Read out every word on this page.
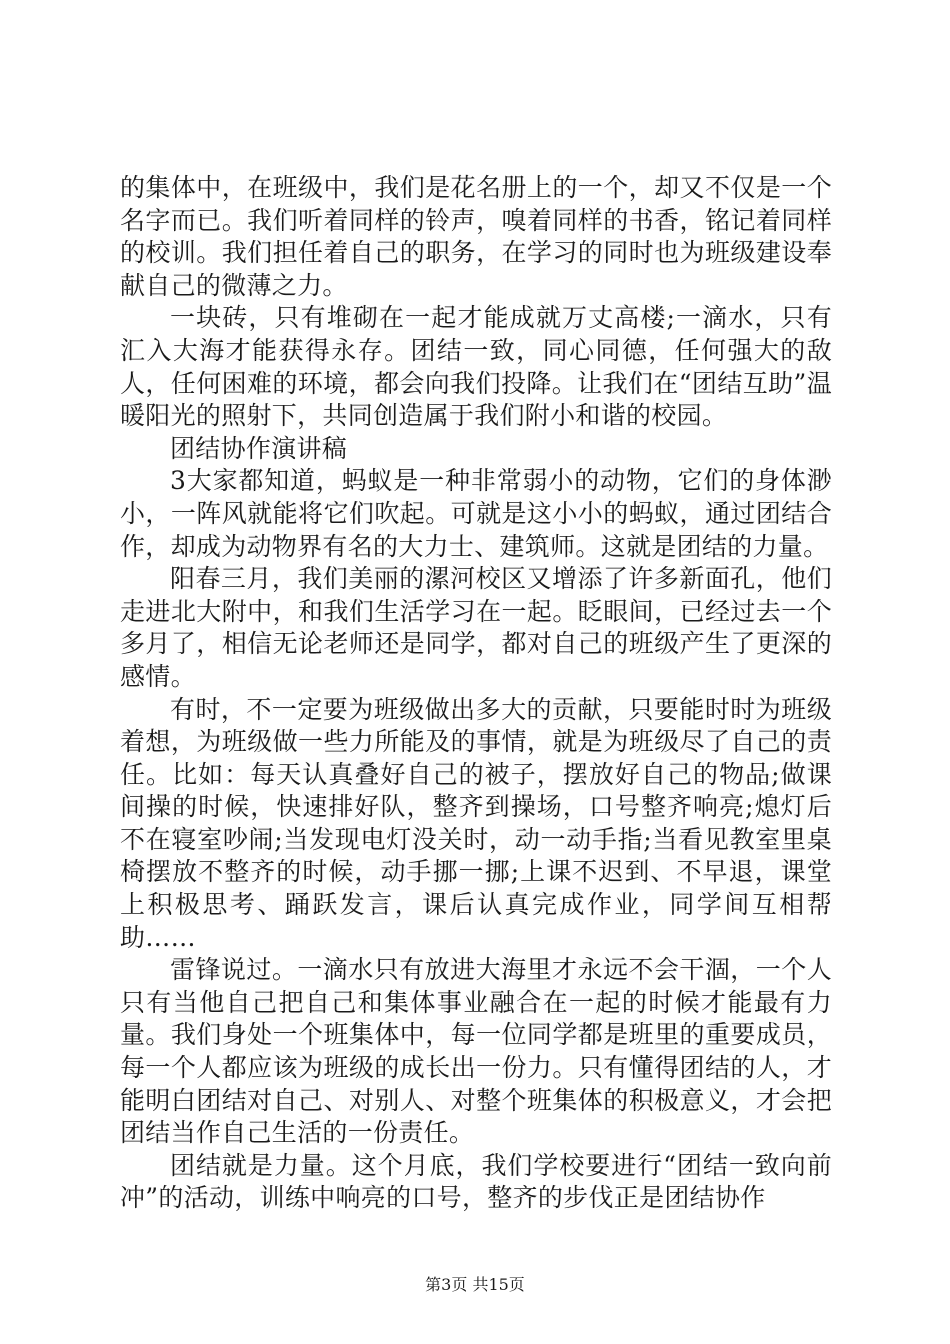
的集体中，在班级中，我们是花名册上的一个，却又不仅是一个名字而已。我们听着同样的铃声，嗅着同样的书香，铭记着同样的校训。我们担任着自己的职务，在学习的同时也为班级建设奉献自己的微薄之力。

一块砖，只有堆砌在一起才能成就万丈高楼;一滴水，只有汇入大海才能获得永存。团结一致，同心同德，任何强大的敌人，任何困难的环境，都会向我们投降。让我们在“团结互助”温暖阳光的照射下，共同创造属于我们附小和谐的校园。

团结协作演讲稿

3大家都知道，蚂蚁是一种非常弱小的动物，它们的身体渺小，一阵风就能将它们吹起。可就是这小小的蚂蚁，通过团结合作，却成为动物界有名的大力士、建筑师。这就是团结的力量。

阳春三月，我们美丽的漯河校区又增添了许多新面孔，他们走进北大附中，和我们生活学习在一起。眨眼间，已经过去一个多月了，相信无论老师还是同学，都对自己的班级产生了更深的感情。

有时，不一定要为班级做出多大的贡献，只要能时时为班级着想，为班级做一些力所能及的事情，就是为班级尽了自己的责任。比如：每天认真叠好自己的被子，摆放好自己的物品;做课间操的时候，快速排好队，整齐到操场，口号整齐响亮;熄灯后不在寝室吵闹;当发现电灯没关时，动一动手指;当看见教室里桌椅摆放不整齐的时候，动手挪一挪;上课不迟到、不早退，课堂上积极思考、踊跃发言，课后认真完成作业，同学间互相帮助……

雷锋说过。一滴水只有放进大海里才永远不会干涸，一个人只有当他自己把自己和集体事业融合在一起的时候才能最有力量。我们身处一个班集体中，每一位同学都是班里的重要成员，每一个人都应该为班级的成长出一份力。只有懂得团结的人，才能明白团结对自己、对别人、对整个班集体的积极意义，才会把团结当作自己生活的一份责任。

团结就是力量。这个月底，我们学校要进行“团结一致向前冲”的活动，训练中响亮的口号，整齐的步伐正是团结协作

第3页 共15页
